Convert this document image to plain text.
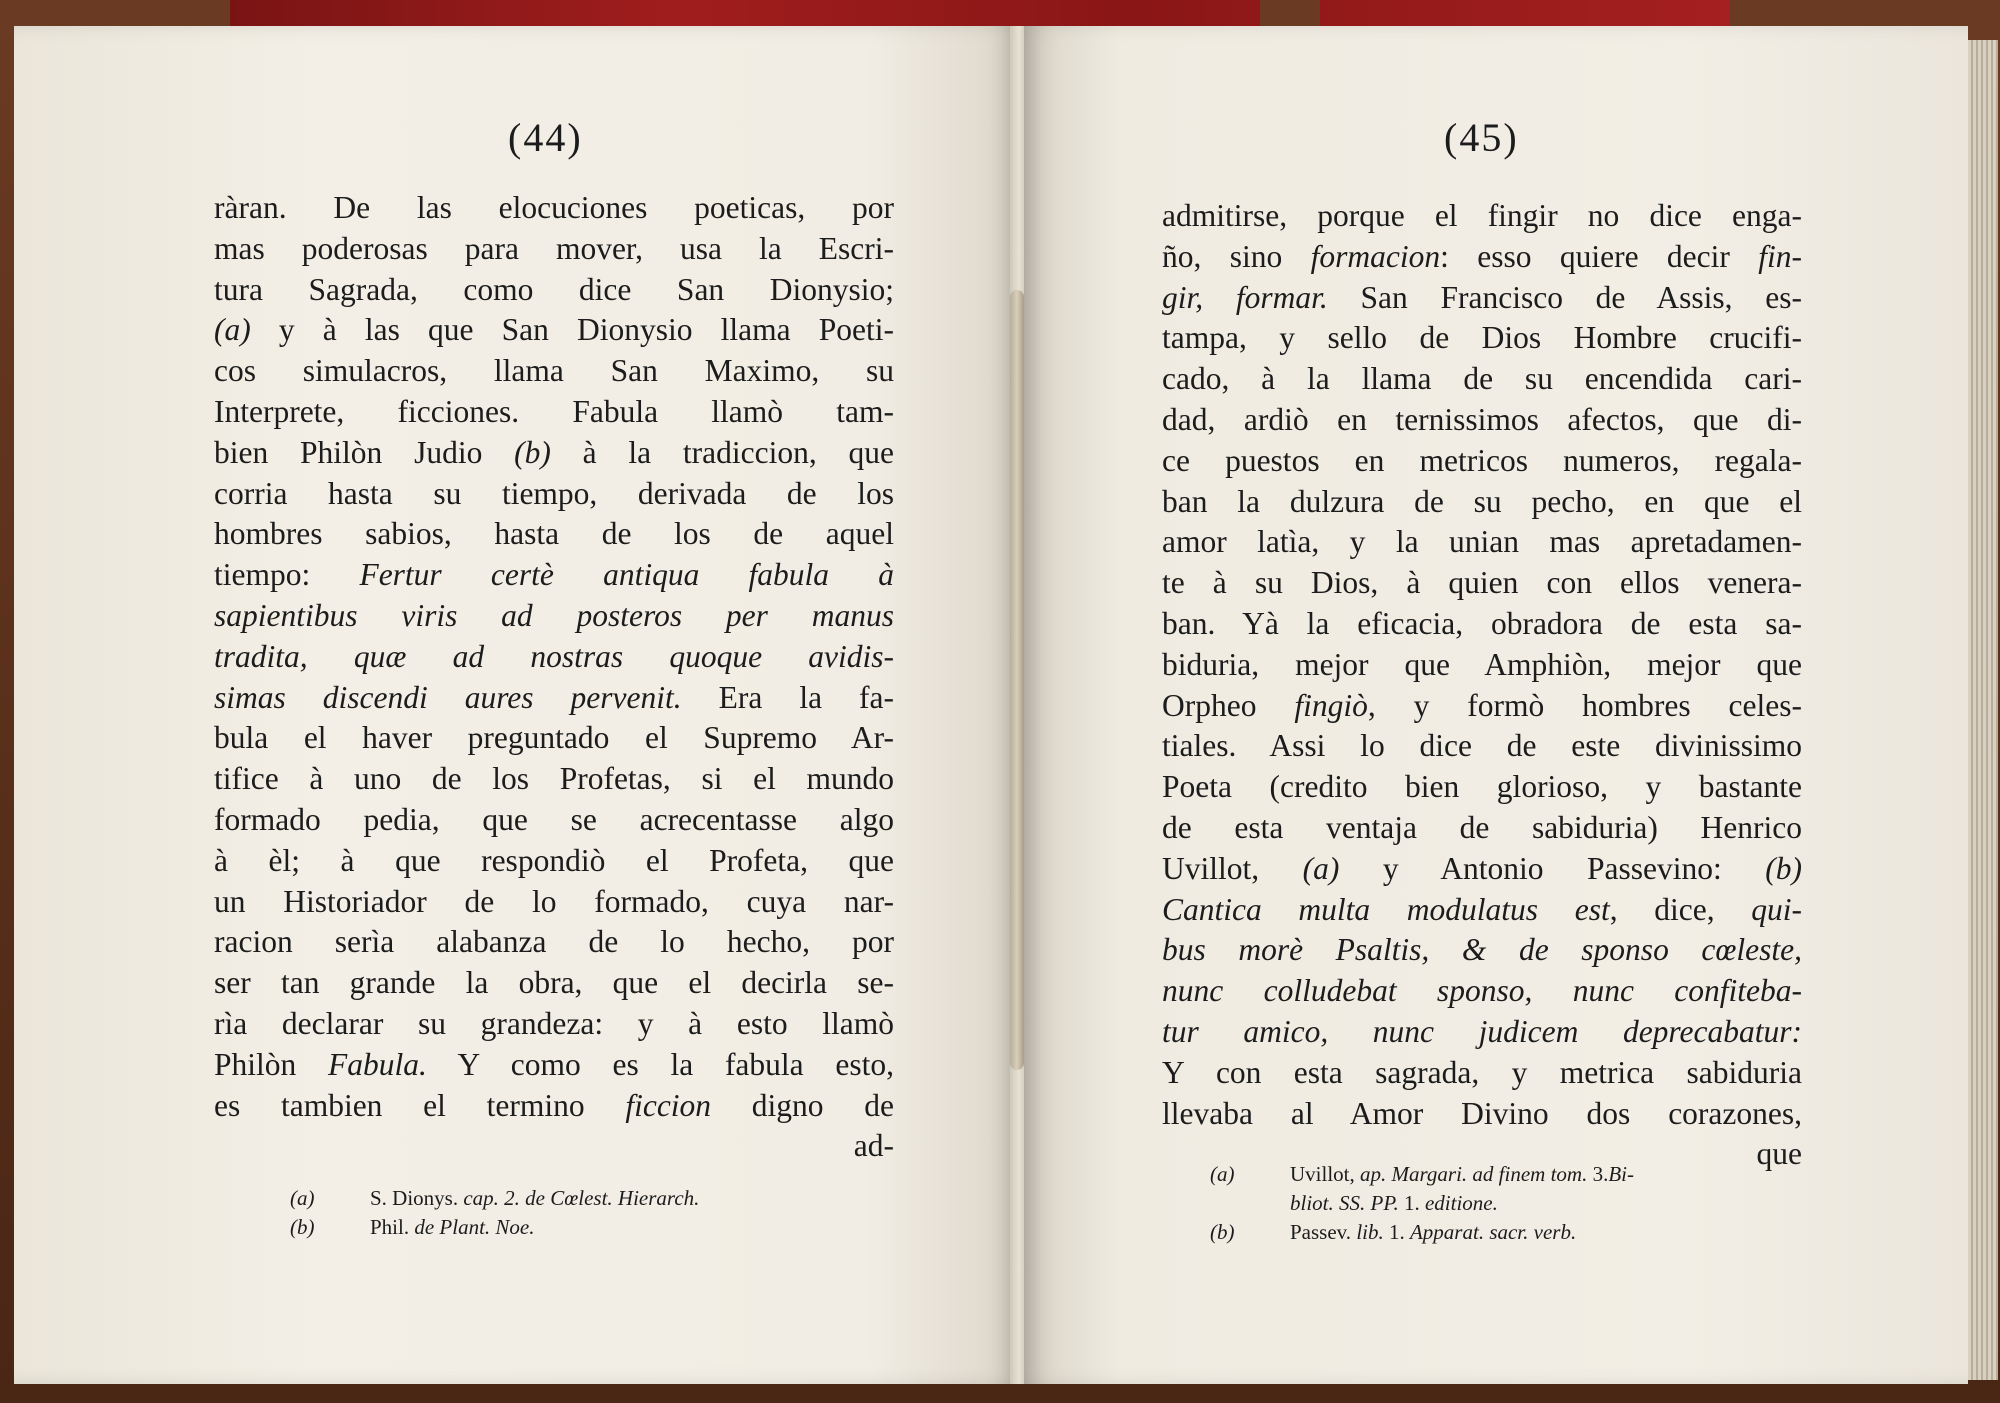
(44)

ràran. De las elocuciones poeticas, por
mas poderosas para mover, usa la Escri-
tura Sagrada, como dice San Dionysio;
(a) y à las que San Dionysio llama Poeti-
cos simulacros, llama San Maximo, su
Interprete, ficciones. Fabula llamò tam-
bien Philòn Judio (b) à la tradiccion, que
corria hasta su tiempo, derivada de los
hombres sabios, hasta de los de aquel
tiempo: Fertur certè antiqua fabula à
sapientibus viris ad posteros per manus
tradita, quæ ad nostras quoque avidis-
simas discendi aures pervenit. Era la fa-
bula el haver preguntado el Supremo Ar-
tifice à uno de los Profetas, si el mundo
formado pedia, que se acrecentasse algo
à èl; à que respondiò el Profeta, que
un Historiador de lo formado, cuya nar-
racion serìa alabanza de lo hecho, por
ser tan grande la obra, que el decirla se-
rìa declarar su grandeza: y à esto llamò
Philòn Fabula. Y como es la fabula esto,
es tambien el termino ficcion digno de
ad-
(a)	S. Dionys. cap. 2. de Cœlest. Hierarch.
(b)	Phil. de Plant. Noe.

(45)

admitirse, porque el fingir no dice enga-
ño, sino formacion: esso quiere decir fin-
gir, formar. San Francisco de Assis, es-
tampa, y sello de Dios Hombre crucifi-
cado, à la llama de su encendida cari-
dad, ardiò en ternissimos afectos, que di-
ce puestos en metricos numeros, regala-
ban la dulzura de su pecho, en que el
amor latìa, y la unian mas apretadamen-
te à su Dios, à quien con ellos venera-
ban. Yà la eficacia, obradora de esta sa-
biduria, mejor que Amphiòn, mejor que
Orpheo fingiò, y formò hombres celes-
tiales. Assi lo dice de este divinissimo
Poeta (credito bien glorioso, y bastante
de esta ventaja de sabiduria) Henrico
Uvillot, (a) y Antonio Passevino: (b)
Cantica multa modulatus est, dice, qui-
bus morè Psaltis, & de sponso cœleste,
nunc colludebat sponso, nunc confiteba-
tur amico, nunc judicem deprecabatur:
Y con esta sagrada, y metrica sabiduria
llevaba al Amor Divino dos corazones,
que
(a)	Uvillot, ap. Margari. ad finem tom. 3.Bi-
bliot. SS. PP. 1. editione.
(b)	Passev. lib. 1. Apparat. sacr. verb.
